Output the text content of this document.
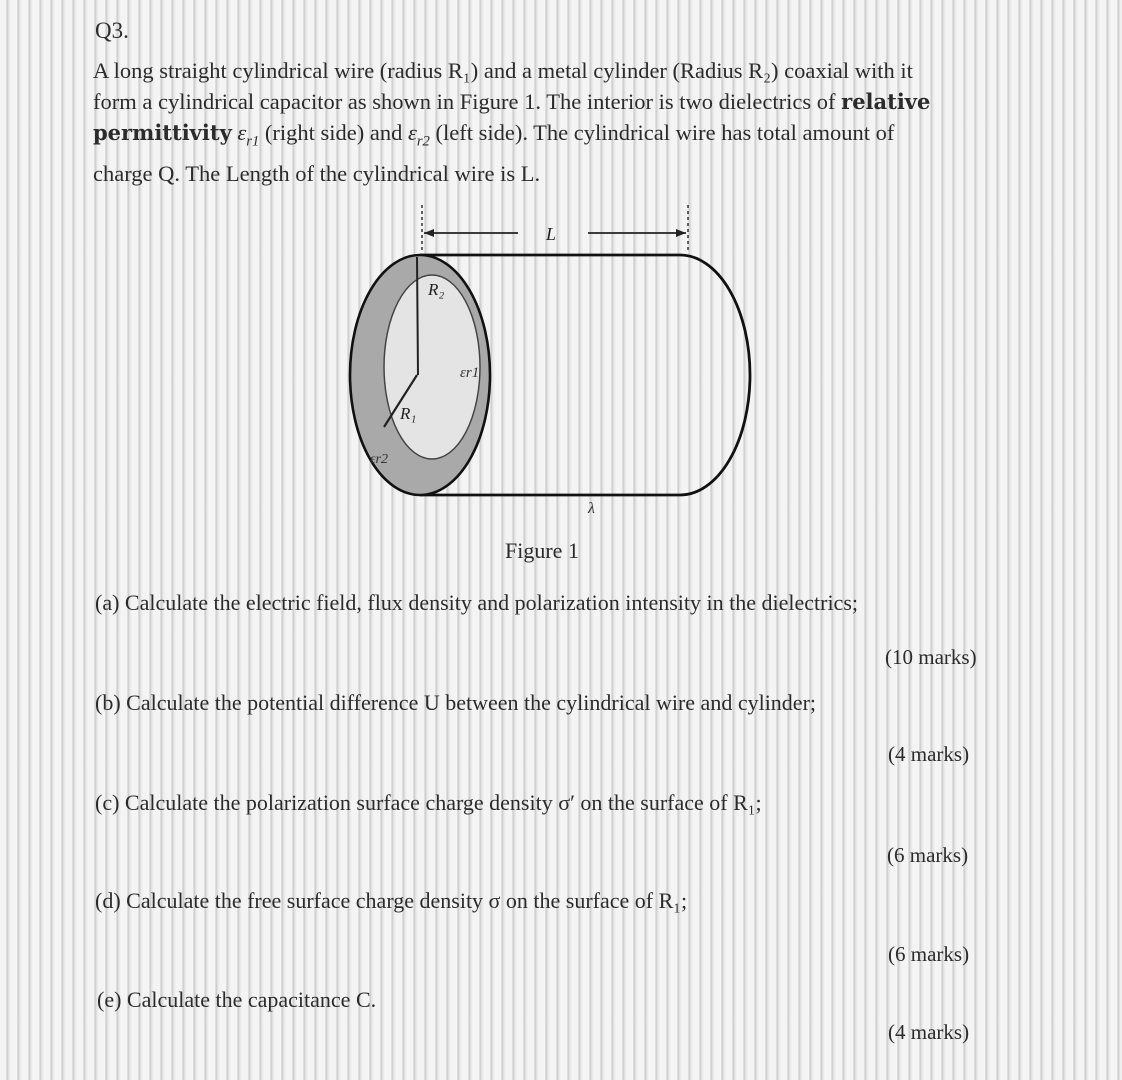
Q3.
A long straight cylindrical wire (radius R₁) and a metal cylinder (Radius R₂) coaxial with it
form a cylindrical capacitor as shown in Figure 1. The interior is two dielectrics of relative
permittivity $\varepsilon_{r1}$ (right side) and $\varepsilon_{r2}$ (left side). The cylindrical wire has total amount of
charge Q. The Length of the cylindrical wire is L.
L
R₂
R₁
εr1
εr2
λ
Figure 1
(a) Calculate the electric field, flux density and polarization intensity in the dielectrics;
(10 marks)
(b) Calculate the potential difference U between the cylindrical wire and cylinder;
(4 marks)
(c) Calculate the polarization surface charge density σ′ on the surface of R₁;
(6 marks)
(d) Calculate the free surface charge density σ on the surface of R₁;
(6 marks)
(e) Calculate the capacitance C.
(4 marks)
